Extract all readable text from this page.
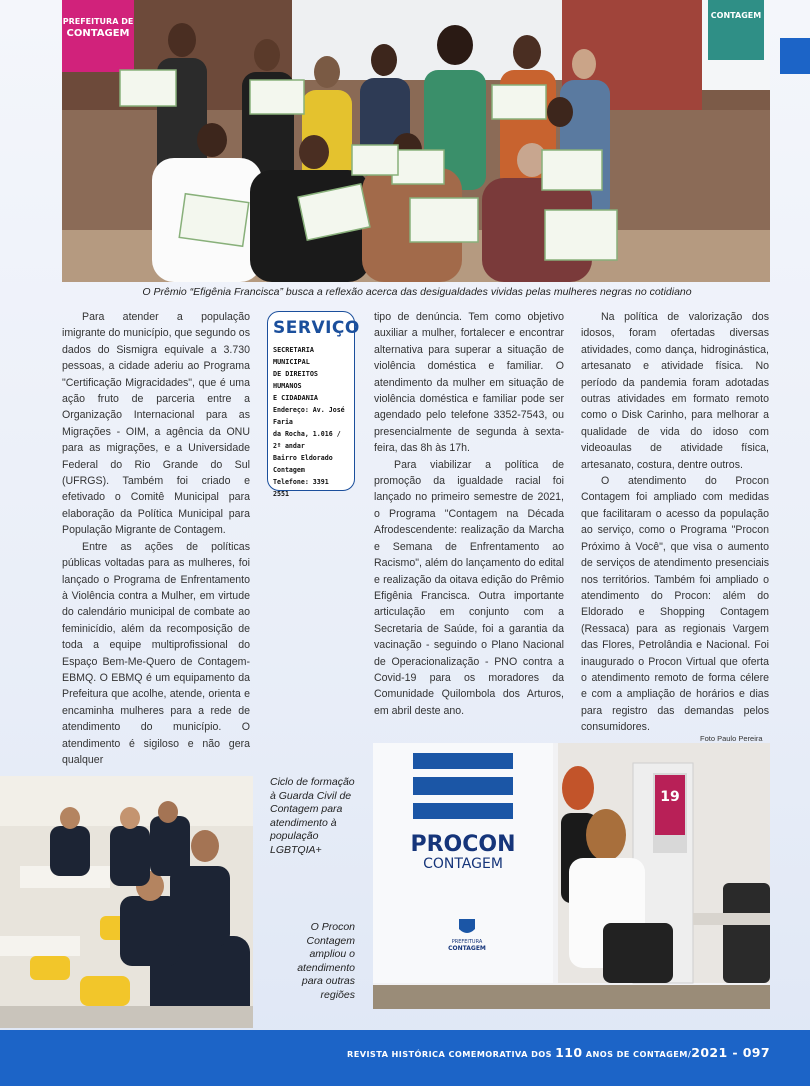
PREFEITURA DE
CONTAGEM
CONTAGEM
O Prêmio “Efigênia Francisca” busca a reflexão acerca das desigualdades vividas pelas mulheres negras no cotidiano

Para atender a população imigrante do município, que segundo os dados do Sismigra equivale a 3.730 pessoas, a cidade aderiu ao Programa "Certificação Migracidades", que é uma ação fruto de parceria entre a Organização Internacional para as Migrações - OIM, a agência da ONU para as migrações, e a Universidade Federal do Rio Grande do Sul (UFRGS). Também foi criado e efetivado o Comitê Municipal para elaboração da Política Municipal para População Migrante de Contagem.

Entre as ações de políticas públicas voltadas para as mulheres, foi lançado o Programa de Enfrentamento à Violência contra a Mulher, em virtude do calendário municipal de combate ao feminicídio, além da recomposição de toda a equipe multiprofissional do Espaço Bem-Me-Quero de Contagem-EBMQ. O EBMQ é um equipamento da Prefeitura que acolhe, atende, orienta e encaminha mulheres para a rede de atendimento do município. O atendimento é sigiloso e não gera qualquer

SERVIÇO
SECRETARIA MUNICIPAL
DE DIREITOS HUMANOS
E CIDADANIA
Endereço: Av. José Faria
da Rocha, 1.016 / 2º andar
Bairro Eldorado
Contagem
Telefone: 3391 2551

tipo de denúncia. Tem como objetivo auxiliar a mulher, fortalecer e encontrar alternativa para superar a situação de violência doméstica e familiar. O atendimento da mulher em situação de violência doméstica e familiar pode ser agendado pelo telefone 3352-7543, ou presencialmente de segunda à sexta-feira, das 8h às 17h.

Para viabilizar a política de promoção da igualdade racial foi lançado no primeiro semestre de 2021, o Programa "Contagem na Década Afrodescendente: realização da Marcha e Semana de Enfrentamento ao Racismo", além do lançamento do edital e realização da oitava edição do Prêmio Efigênia Francisca. Outra importante articulação em conjunto com a Secretaria de Saúde, foi a garantia da vacinação - seguindo o Plano Nacional de Operacionalização - PNO contra a Covid-19 para os moradores da Comunidade Quilombola dos Arturos, em abril deste ano.

Na política de valorização dos idosos, foram ofertadas diversas atividades, como dança, hidroginástica, artesanato e atividade física. No período da pandemia foram adotadas outras atividades em formato remoto como o Disk Carinho, para melhorar a qualidade de vida do idoso com videoaulas de atividade física, artesanato, costura, dentre outros.

O atendimento do Procon Contagem foi ampliado com medidas que facilitaram o acesso da população ao serviço, como o Programa "Procon Próximo à Você", que visa o aumento de serviços de atendimento presenciais nos territórios. Também foi ampliado o atendimento do Procon: além do Eldorado e Shopping Contagem (Ressaca) para as regionais Vargem das Flores, Petrolândia e Nacional. Foi inaugurado o Procon Virtual que oferta o atendimento remoto de forma célere e com a ampliação de horários e dias para registro das demandas pelos consumidores.

Foto Paulo Pereira
Ciclo de formação à Guarda Civil de Contagem para atendimento à população LGBTQIA+
O Procon Contagem ampliou o atendimento para outras regiões
PROCON
CONTAGEM
PREFEITURA
CONTAGEM
19
REVISTA HISTÓRICA COMEMORATIVA DOS 110 ANOS DE CONTAGEM/2021 - 097
